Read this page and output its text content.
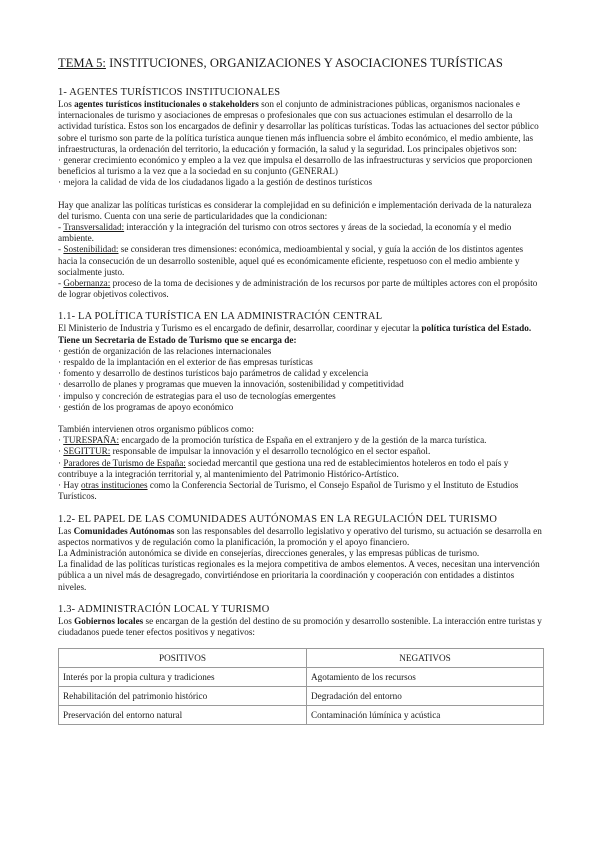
TEMA 5: INSTITUCIONES, ORGANIZACIONES Y ASOCIACIONES TURÍSTICAS
1- AGENTES TURÍSTICOS INSTITUCIONALES

Los agentes turísticos institucionales o stakeholders son el conjunto de administraciones públicas, organismos nacionales e internacionales de turismo y asociaciones de empresas o profesionales que con sus actuaciones estimulan el desarrollo de la actividad turística. Estos son los encargados de definir y desarrollar las políticas turísticas. Todas las actuaciones del sector público sobre el turismo son parte de la política turística aunque tienen más influencia sobre el ámbito económico, el medio ambiente, las infraestructuras, la ordenación del territorio, la educación y formación, la salud y la seguridad. Los principales objetivos son:

· generar crecimiento económico y empleo a la vez que impulsa el desarrollo de las infraestructuras y servicios que proporcionen beneficios al turismo a la vez que a la sociedad en su conjunto (GENERAL)

· mejora la calidad de vida de los ciudadanos ligado a la gestión de destinos turísticos

Hay que analizar las políticas turísticas es considerar la complejidad en su definición e implementación derivada de la naturaleza del turismo. Cuenta con una serie de particularidades que la condicionan:

- Transversalidad: interacción y la integración del turismo con otros sectores y áreas de la sociedad, la economía y el medio ambiente.

- Sostenibilidad: se consideran tres dimensiones: económica, medioambiental y social, y guía la acción de los distintos agentes hacia la consecución de un desarrollo sostenible, aquel qué es económicamente eficiente, respetuoso con el medio ambiente y socialmente justo.

- Gobernanza: proceso de la toma de decisiones y de administración de los recursos por parte de múltiples actores con el propósito de lograr objetivos colectivos.

1.1- LA POLÍTICA TURÍSTICA EN LA ADMINISTRACIÓN CENTRAL

El Ministerio de Industria y Turismo es el encargado de definir, desarrollar, coordinar y ejecutar la política turística del Estado. Tiene un Secretaria de Estado de Turismo que se encarga de:

· gestión de organización de las relaciones internacionales

· respaldo de la implantación en el exterior de ñas empresas turísticas

· fomento y desarrollo de destinos turísticos bajo parámetros de calidad y excelencia

· desarrollo de planes y programas que mueven la innovación, sostenibilidad y competitividad

· impulso y concreción de estrategias para el uso de tecnologías emergentes

· gestión de los programas de apoyo económico

También intervienen otros organismo públicos como:

· TURESPAÑA: encargado de la promoción turística de España en el extranjero y de la gestión de la marca turística.

· SEGITTUR: responsable de impulsar la innovación y el desarrollo tecnológico en el sector español.

· Paradores de Turismo de España: sociedad mercantil que gestiona una red de establecimientos hoteleros en todo el país y contribuye a la integración territorial y, al mantenimiento del Patrimonio Histórico-Artístico.

· Hay otras instituciones como la Conferencia Sectorial de Turismo, el Consejo Español de Turismo y el Instituto de Estudios Turísticos.

1.2- EL PAPEL DE LAS COMUNIDADES AUTÓNOMAS EN LA REGULACIÓN DEL TURISMO

Las Comunidades Autónomas son las responsables del desarrollo legislativo y operativo del turismo, su actuación se desarrolla en aspectos normativos y de regulación como la planificación, la promoción y el apoyo financiero.

La Administración autonómica se divide en consejerías, direcciones generales, y las empresas públicas de turismo.

La finalidad de las políticas turísticas regionales es la mejora competitiva de ambos elementos. A veces, necesitan una intervención pública a un nivel más de desagregado, convirtiéndose en prioritaria la coordinación y cooperación con entidades a distintos niveles.

1.3- ADMINISTRACIÓN LOCAL Y TURISMO

Los Gobiernos locales se encargan de la gestión del destino de su promoción y desarrollo sostenible. La interacción entre turistas y ciudadanos puede tener efectos positivos y negativos:

POSITIVOS	NEGATIVOS
Interés por la propia cultura y tradiciones	Agotamiento de los recursos
Rehabilitación del patrimonio histórico	Degradación del entorno
Preservación del entorno natural	Contaminación lúmínica y acústica
